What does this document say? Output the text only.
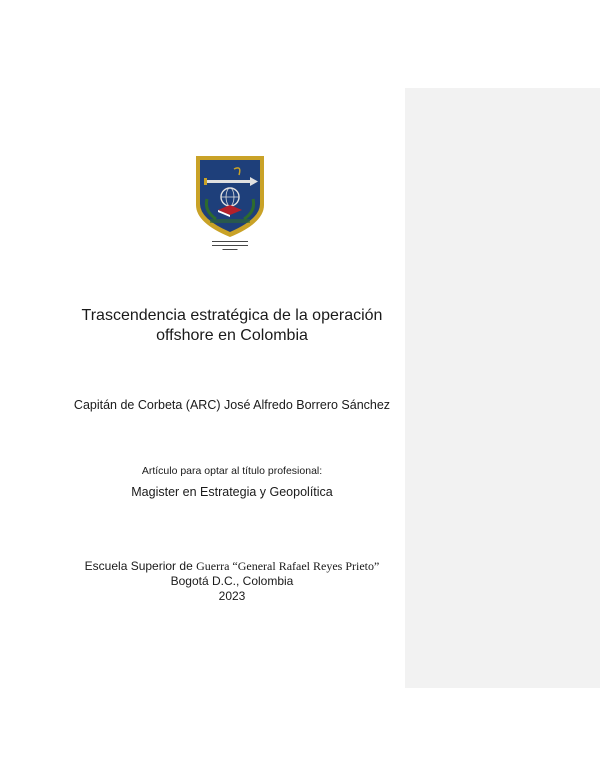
▬▬▬▬▬▬▬▬▬▬▬▬
▬▬▬▬▬▬▬▬▬▬▬▬
▬▬▬▬▬
Trascendencia estratégica de la operación offshore en Colombia
Capitán de Corbeta (ARC) José Alfredo Borrero Sánchez
Artículo para optar al título profesional:
Magister en Estrategia y Geopolítica
Escuela Superior de Guerra “General Rafael Reyes Prieto”
Bogotá D.C., Colombia
2023
